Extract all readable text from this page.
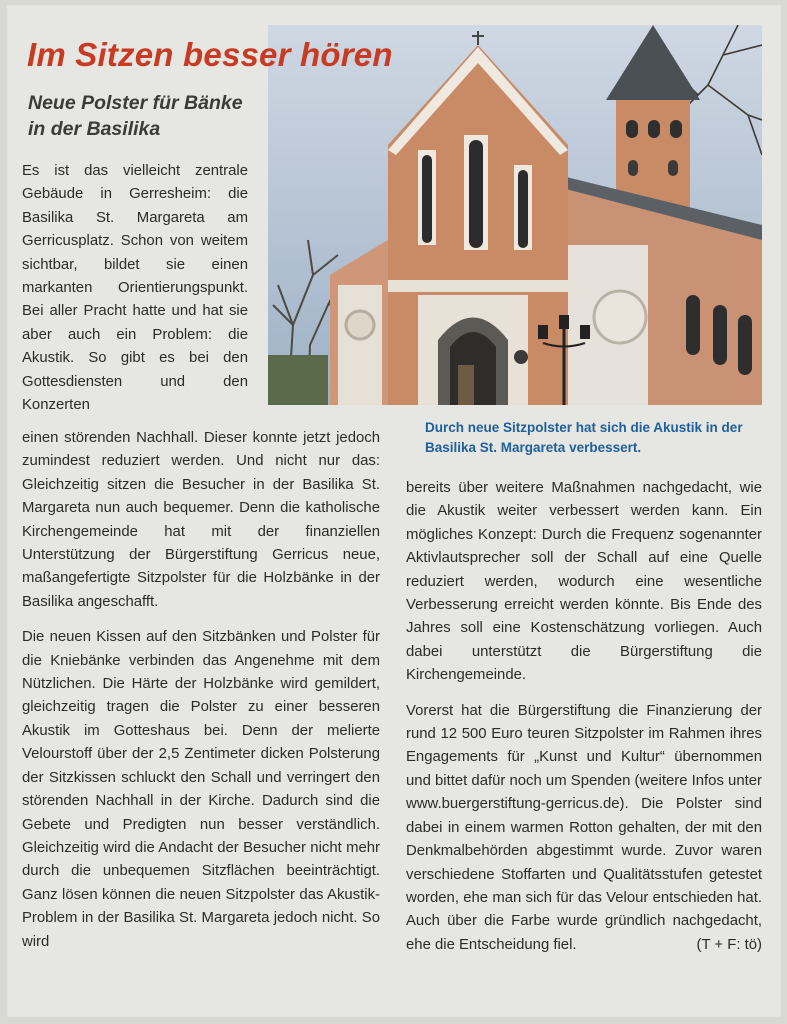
Im Sitzen besser hören
Neue Polster für Bänke
in der Basilika

Durch neue Sitzpolster hat sich die Akustik in der Basilika St. Margareta verbessert.

Es ist das vielleicht zentrale Gebäude in Gerresheim: die Basilika St. Margareta am Gerricusplatz. Schon von weitem sichtbar, bildet sie einen markanten Orientierungspunkt. Bei aller Pracht hatte und hat sie aber auch ein Problem: die Akustik. So gibt es bei den Gottesdiensten und den Konzerten

einen störenden Nachhall. Dieser konnte jetzt jedoch zumindest reduziert werden. Und nicht nur das: Gleichzeitig sitzen die Besucher in der Basilika St. Margareta nun auch bequemer. Denn die katholische Kirchengemeinde hat mit der finanziellen Unterstützung der Bürgerstiftung Gerricus neue, maßangefertigte Sitzpolster für die Holzbänke in der Basilika angeschafft.

Die neuen Kissen auf den Sitzbänken und Polster für die Kniebänke verbinden das Angenehme mit dem Nützlichen. Die Härte der Holzbänke wird gemildert, gleichzeitig tragen die Polster zu einer besseren Akustik im Gotteshaus bei. Denn der melierte Velourstoff über der 2,5 Zentimeter dicken Polsterung der Sitzkissen schluckt den Schall und verringert den störenden Nachhall in der Kirche. Dadurch sind die Gebete und Predigten nun besser verständlich. Gleichzeitig wird die Andacht der Besucher nicht mehr durch die unbequemen Sitzflächen beeinträchtigt. Ganz lösen können die neuen Sitzpolster das Akustik-Problem in der Basilika St. Margareta jedoch nicht. So wird

bereits über weitere Maßnahmen nachgedacht, wie die Akustik weiter verbessert werden kann. Ein mögliches Konzept: Durch die Frequenz sogenannter Aktivlautsprecher soll der Schall auf eine Quelle reduziert werden, wodurch eine wesentliche Verbesserung erreicht werden könnte. Bis Ende des Jahres soll eine Kostenschätzung vorliegen. Auch dabei unterstützt die Bürgerstiftung die Kirchengemeinde.

Vorerst hat die Bürgerstiftung die Finanzierung der rund 12 500 Euro teuren Sitzpolster im Rahmen ihres Engagements für „Kunst und Kultur“ übernommen und bittet dafür noch um Spenden (weitere Infos unter www.buergerstiftung-gerricus.de). Die Polster sind dabei in einem warmen Rotton gehalten, der mit den Denkmalbehörden abgestimmt wurde. Zuvor waren verschiedene Stoffarten und Qualitätsstufen getestet worden, ehe man sich für das Velour entschieden hat. Auch über die Farbe wurde gründlich nachgedacht, ehe die Entscheidung fiel.	(T + F: tö)
